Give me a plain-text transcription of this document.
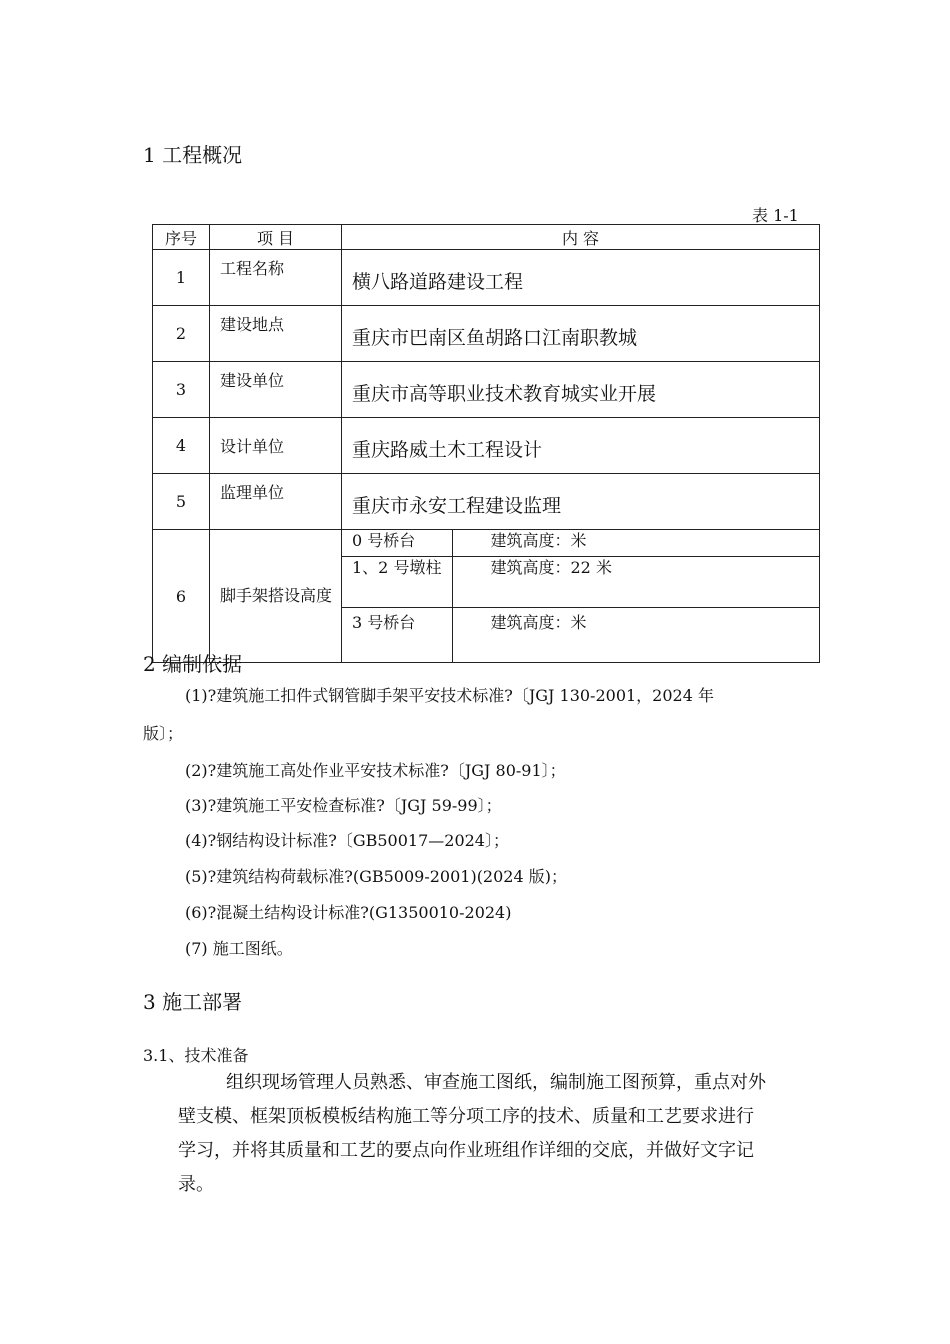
1 工程概况
表 1-1
序号	项 目	内 容
1	工程名称	横八路道路建设工程
2	建设地点	重庆市巴南区鱼胡路口江南职教城
3	建设单位	重庆市高等职业技术教育城实业开展
4	设计单位	重庆路威土木工程设计
5	监理单位	重庆市永安工程建设监理
6	脚手架搭设高度	
0 号桥台	建筑高度：米
1、2 号墩柱	建筑高度：22 米
3 号桥台	建筑高度：米
2 编制依据
(1)?建筑施工扣件式钢管脚手架平安技术标准?〔JGJ 130-2001，2024 年
版〕；
(2)?建筑施工高处作业平安技术标准?〔JGJ 80-91〕；
(3)?建筑施工平安检查标准?〔JGJ 59-99〕；
(4)?钢结构设计标准?〔GB50017—2024〕；
(5)?建筑结构荷载标准?(GB5009-2001)(2024 版)；
(6)?混凝土结构设计标准?(G1350010-2024)
(7) 施工图纸。
3 施工部署
3.1、技术准备
组织现场管理人员熟悉、审查施工图纸，编制施工图预算，重点对外
壁支模、框架顶板模板结构施工等分项工序的技术、质量和工艺要求进行
学习，并将其质量和工艺的要点向作业班组作详细的交底，并做好文字记
录。
